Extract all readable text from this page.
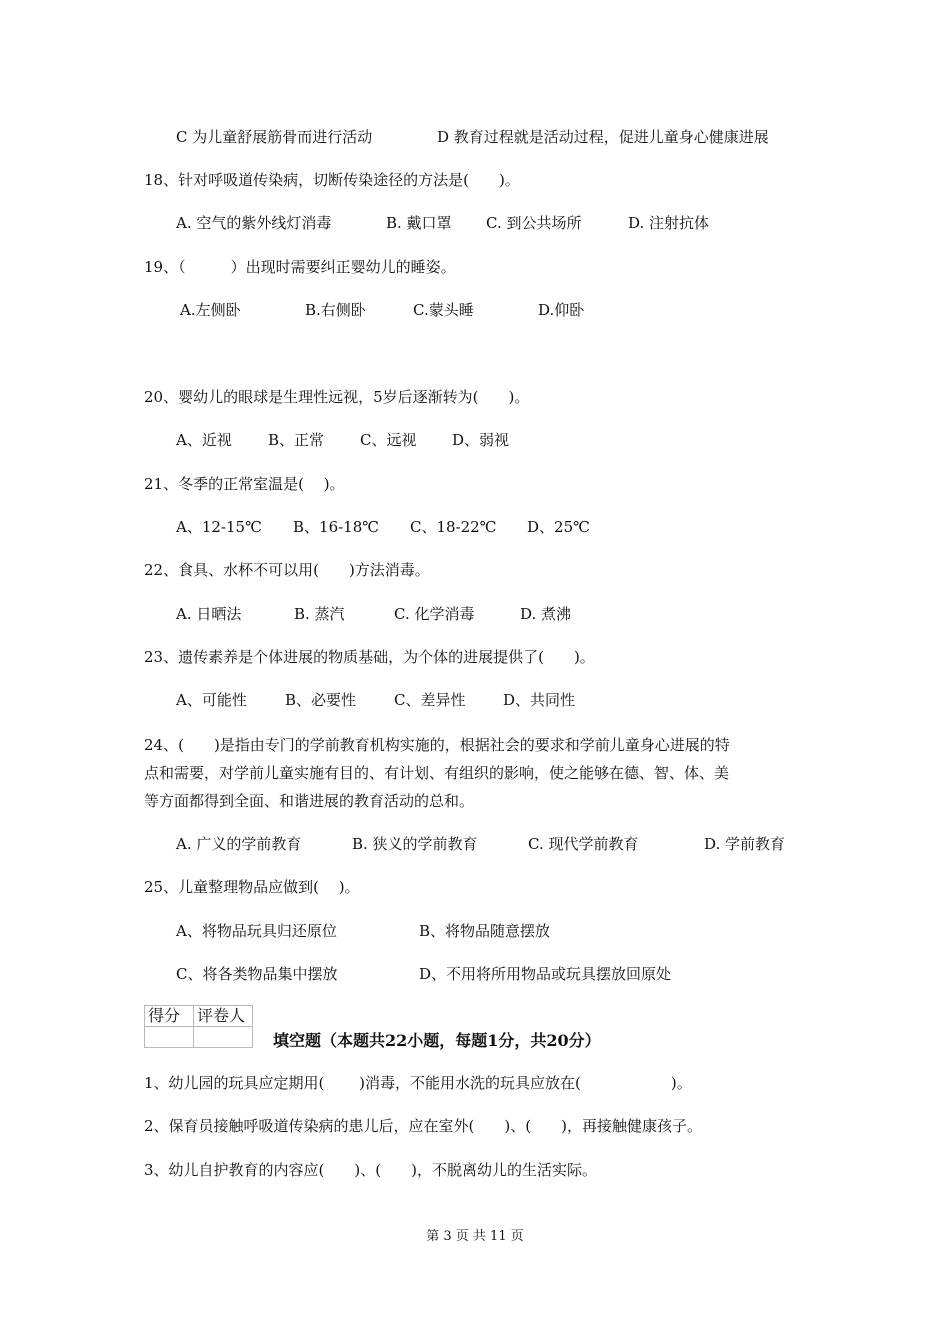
C 为儿童舒展筋骨而进行活动	D 教育过程就是活动过程，促进儿童身心健康进展

18、针对呼吸道传染病，切断传染途径的方法是(　　)。

A. 空气的紫外线灯消毒	B. 戴口罩 C. 到公共场所	D. 注射抗体

19、（　　　）出现时需要纠正婴幼儿的睡姿。

A.左侧卧	B.右侧卧	C.蒙头睡	D.仰卧

20、婴幼儿的眼球是生理性远视，5岁后逐渐转为(　　)。

A、近视 B、正常 C、远视 D、弱视

21、冬季的正常室温是(　 )。

A、12-15℃ B、16-18℃ C、18-22℃ D、25℃

22、食具、水杯不可以用(　　)方法消毒。

A. 日晒法	B. 蒸汽	C. 化学消毒	D. 煮沸

23、遗传素养是个体进展的物质基础，为个体的进展提供了(　　)。

A、可能性	B、必要性	C、差异性	D、共同性

24、(　　)是指由专门的学前教育机构实施的，根据社会的要求和学前儿童身心进展的特

点和需要，对学前儿童实施有目的、有计划、有组织的影响，使之能够在德、智、体、美

等方面都得到全面、和谐进展的教育活动的总和。

A. 广义的学前教育	B. 狭义的学前教育	C. 现代学前教育	D. 学前教育

25、儿童整理物品应做到(　 )。

A、将物品玩具归还原位	B、将物品随意摆放
C、将各类物品集中摆放	D、不用将所用物品或玩具摆放回原处
得分	评卷人

填空题（本题共22小题，每题1分，共20分）

1、幼儿园的玩具应定期用(　　 )消毒，不能用水洗的玩具应放在(　　　　　　)。

2、保育员接触呼吸道传染病的患儿后，应在室外(　　)、(　　)，再接触健康孩子。

3、幼儿自护教育的内容应(　　)、(　　)，不脱离幼儿的生活实际。

第 3 页 共 11 页
